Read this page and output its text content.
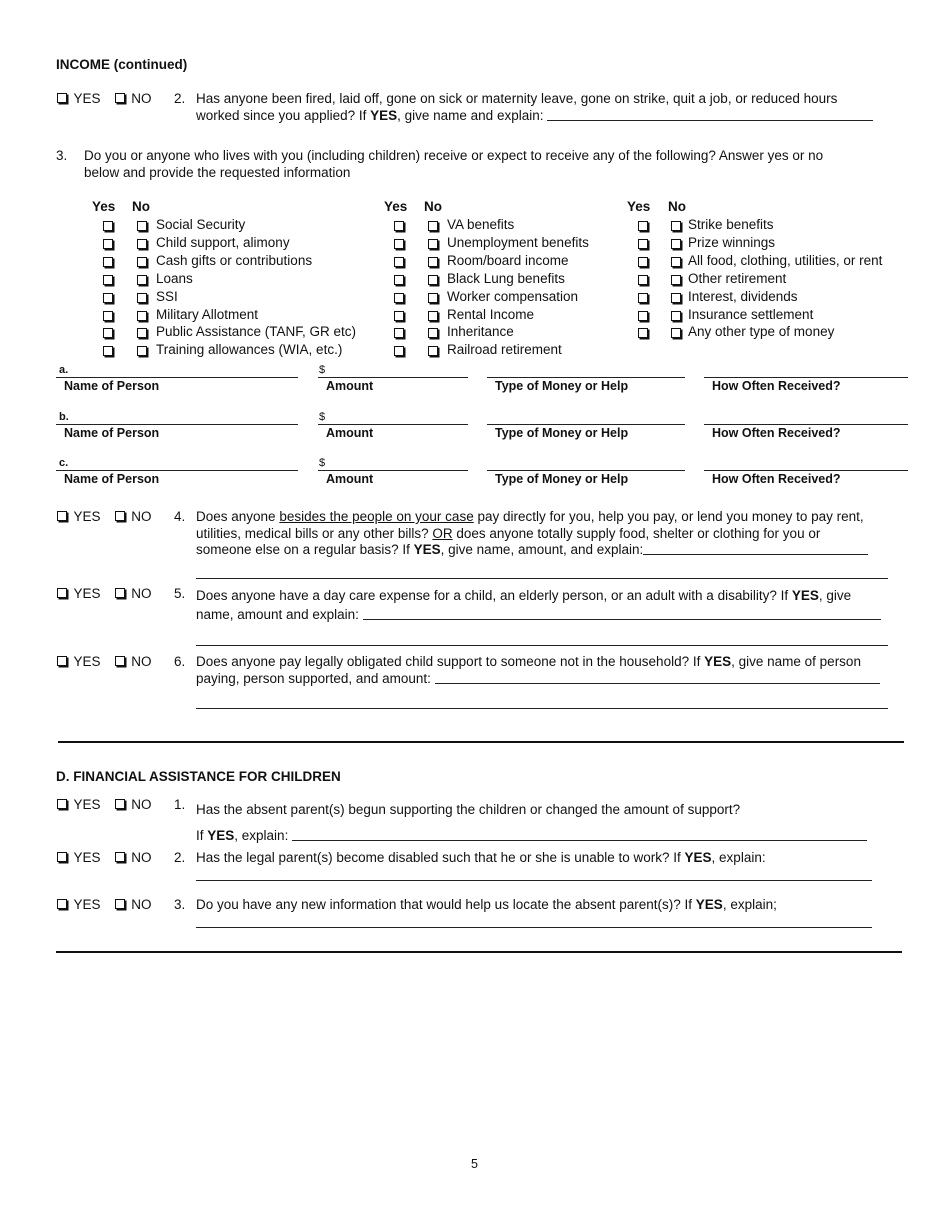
INCOME (continued)
YES NO 2. Has anyone been fired, laid off, gone on sick or maternity leave, gone on strike, quit a job, or reduced hours
worked since you applied? If YES, give name and explain:
3. Do you or anyone who lives with you (including children) receive or expect to receive any of the following? Answer yes or no
below and provide the requested information
Yes No	Yes No	Yes No
Social Security
Child support, alimony
Cash gifts or contributions
Loans
SSI
Military Allotment
Public Assistance (TANF, GR etc)
Training allowances (WIA, etc.)
VA benefits
Unemployment benefits
Room/board income
Black Lung benefits
Worker compensation
Rental Income
Inheritance
Railroad retirement
Strike benefits
Prize winnings
All food, clothing, utilities, or rent
Other retirement
Interest, dividends
Insurance settlement
Any other type of money
a.	$
Name of Person	Amount	Type of Money or Help	How Often Received?
b.	$
Name of Person	Amount	Type of Money or Help	How Often Received?
c.	$
Name of Person	Amount	Type of Money or Help	How Often Received?
YES NO 4. Does anyone besides the people on your case pay directly for you, help you pay, or lend you money to pay rent,
utilities, medical bills or any other bills? OR does anyone totally supply food, shelter or clothing for you or
someone else on a regular basis? If YES, give name, amount, and explain:
YES NO 5. Does anyone have a day care expense for a child, an elderly person, or an adult with a disability? If YES, give
name, amount and explain:
YES NO 6. Does anyone pay legally obligated child support to someone not in the household? If YES, give name of person
paying, person supported, and amount:
D. FINANCIAL ASSISTANCE FOR CHILDREN
YES NO 1. Has the absent parent(s) begun supporting the children or changed the amount of support?
If YES, explain:
YES NO 2. Has the legal parent(s) become disabled such that he or she is unable to work? If YES, explain:
YES NO 3. Do you have any new information that would help us locate the absent parent(s)? If YES, explain;
5
